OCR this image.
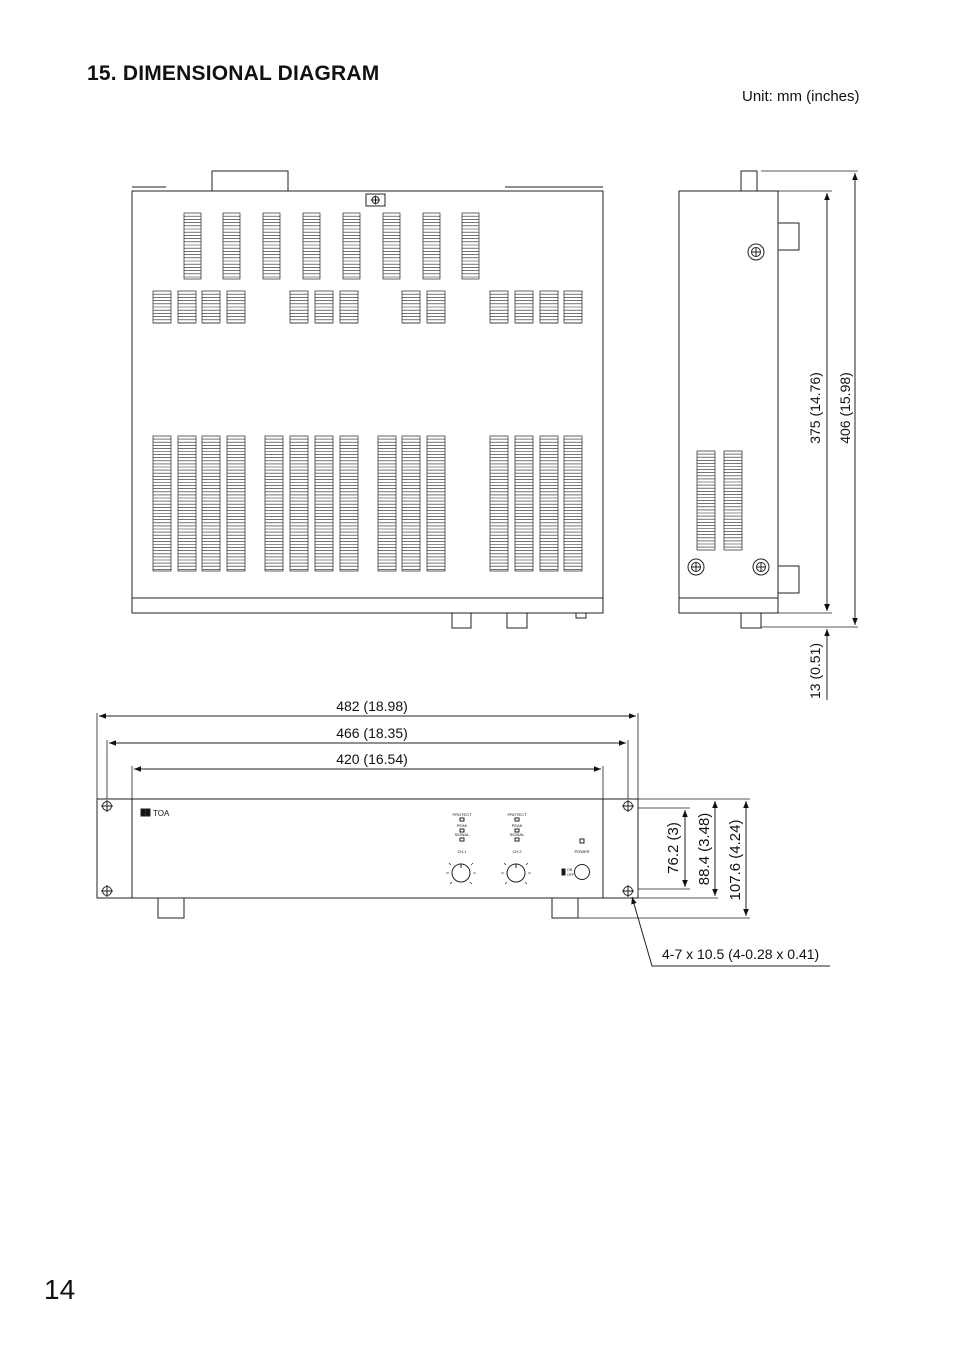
15. DIMENSIONAL DIAGRAM
Unit: mm (inches)
14
375 (14.76) 406 (15.98)
13 (0.51)
482 (18.98)
466 (18.35)
420 (16.54)
76.2 (3) 88.4 (3.48) 107.6 (4.24)
4-7 x 10.5 (4-0.28 x 0.41)
TOA	PROTECT
PEAK
SIGNAL
CH.1
PROTECT
PEAK
SIGNAL
CH.2	POWER
ON
OFF
